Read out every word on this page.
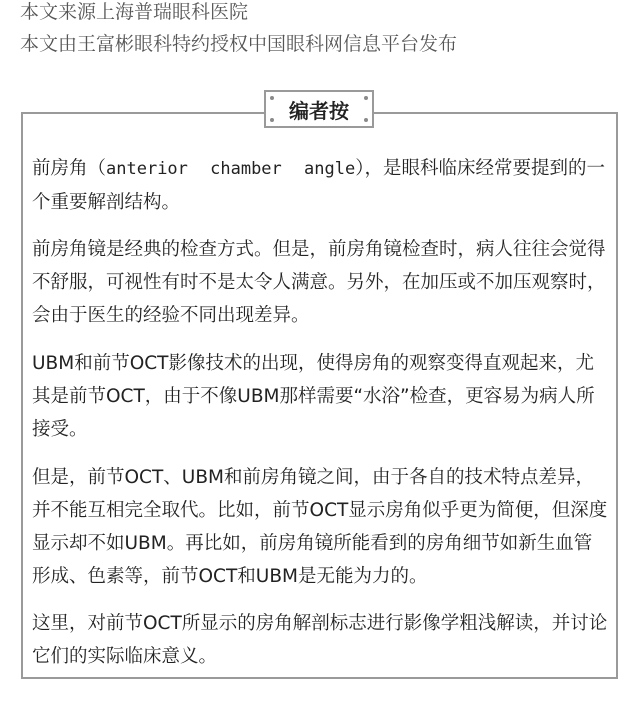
本文来源上海普瑞眼科医院
本文由王富彬眼科特约授权中国眼科网信息平台发布
编者按

前房角（anterior chamber angle），是眼科临床经常要提到的一个重要解剖结构。

前房角镜是经典的检查方式。但是，前房角镜检查时，病人往往会觉得不舒服，可视性有时不是太令人满意。另外，在加压或不加压观察时，会由于医生的经验不同出现差异。

UBM和前节OCT影像技术的出现，使得房角的观察变得直观起来，尤其是前节OCT，由于不像UBM那样需要“水浴”检查，更容易为病人所接受。

但是，前节OCT、UBM和前房角镜之间，由于各自的技术特点差异，并不能互相完全取代。比如，前节OCT显示房角似乎更为简便，但深度显示却不如UBM。再比如，前房角镜所能看到的房角细节如新生血管形成、色素等，前节OCT和UBM是无能为力的。

这里，对前节OCT所显示的房角解剖标志进行影像学粗浅解读，并讨论它们的实际临床意义。
